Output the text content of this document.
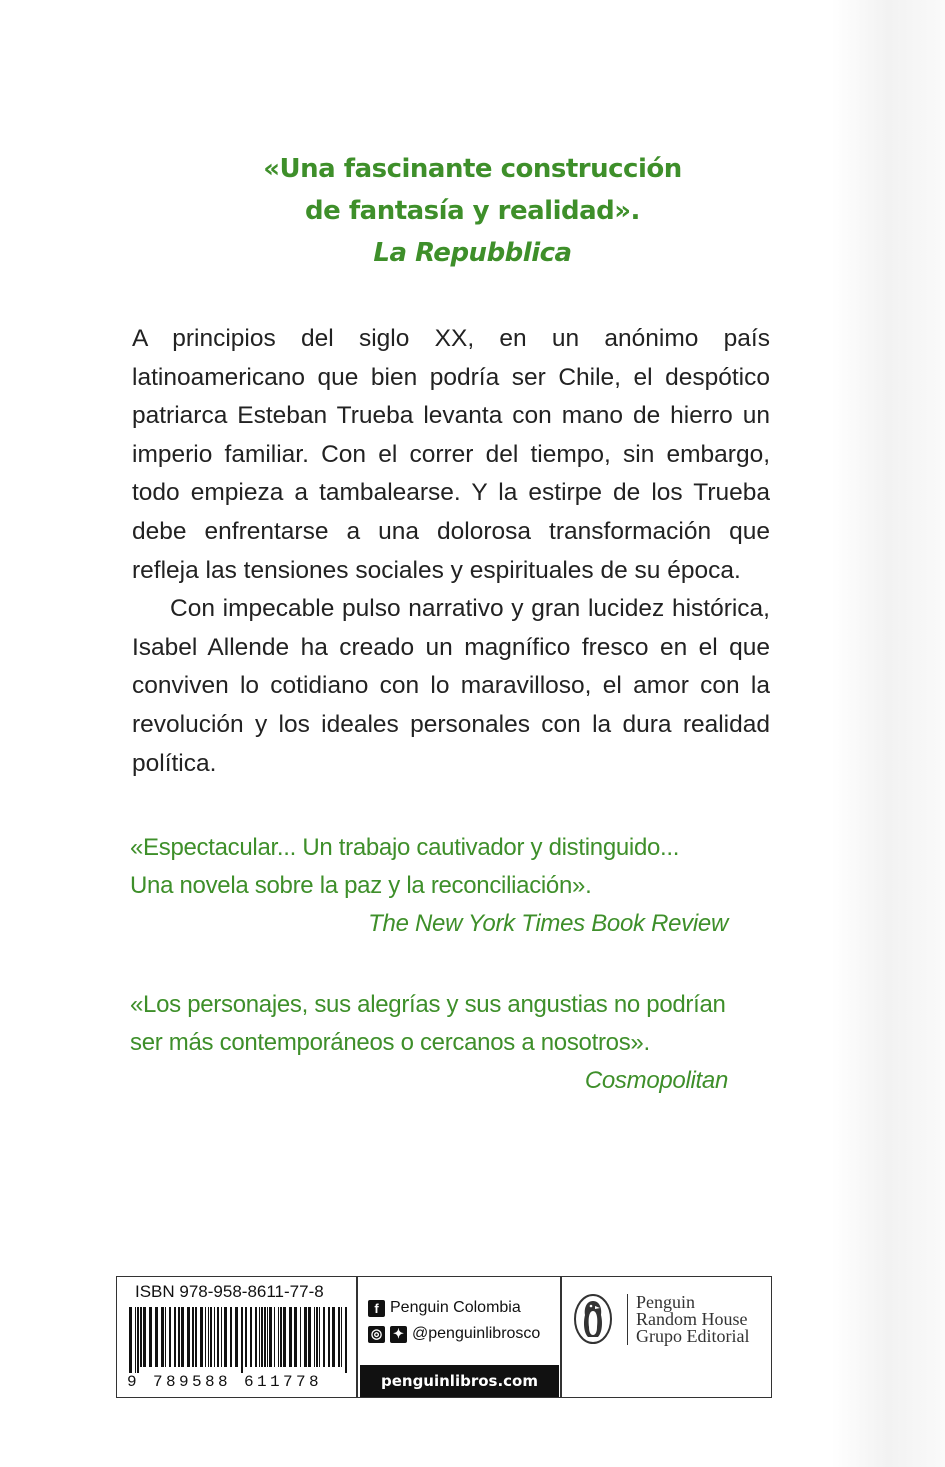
«Una fascinante construcción
de fantasía y realidad».
La Repubblica

A principios del siglo XX, en un anónimo país latinoamericano que bien podría ser Chile, el despótico patriarca Esteban Trueba levanta con mano de hierro un imperio familiar. Con el correr del tiempo, sin embargo, todo empieza a tambalearse. Y la estirpe de los Trueba debe enfrentarse a una dolorosa transformación que refleja las tensiones sociales y espirituales de su época.

Con impecable pulso narrativo y gran lucidez histórica, Isabel Allende ha creado un magnífico fresco en el que conviven lo cotidiano con lo maravilloso, el amor con la revolución y los ideales personales con la dura realidad política.

«Espectacular... Un trabajo cautivador y distinguido...
Una novela sobre la paz y la reconciliación».
The New York Times Book Review
«Los personajes, sus alegrías y sus angustias no podrían
ser más contemporáneos o cercanos a nosotros».
Cosmopolitan
ISBN 978-958-8611-77-8
9 789588 611778
f Penguin Colombia
◎ ✦ @penguinlibrosco
penguinlibros.com
Penguin
Random House
Grupo Editorial
